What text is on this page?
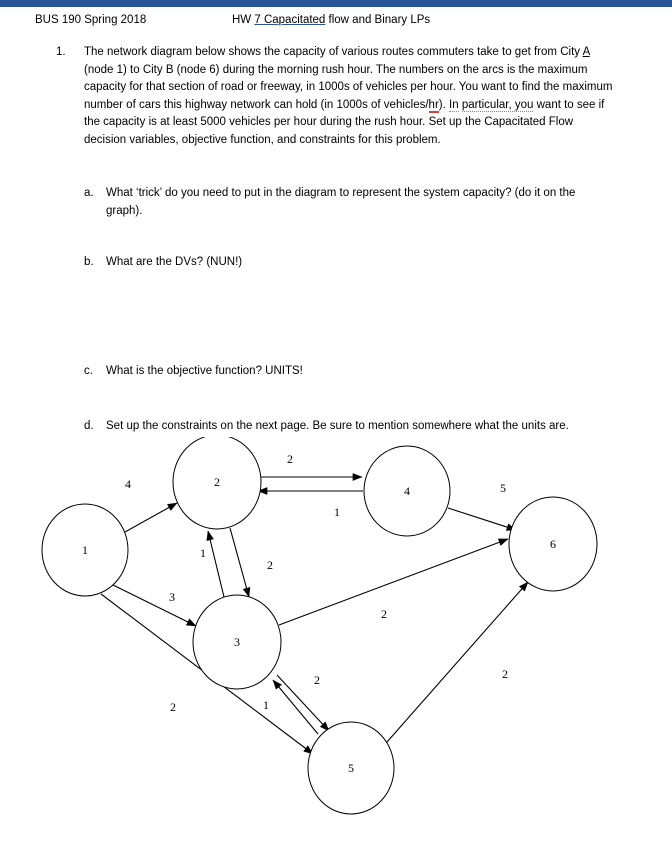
BUS 190 Spring 2018	HW 7 Capacitated flow and Binary LPs
1.	The network diagram below shows the capacity of various routes commuters take to get from City A (node 1) to City B (node 6) during the morning rush hour. The numbers on the arcs is the maximum capacity for that section of road or freeway, in 1000s of vehicles per hour. You want to find the maximum number of cars this highway network can hold (in 1000s of vehicles/hr). In particular, you want to see if the capacity is at least 5000 vehicles per hour during the rush hour. Set up the Capacitated Flow decision variables, objective function, and constraints for this problem.
a.	What ‘trick’ do you need to put in the diagram to represent the system capacity? (do it on the graph).
b.	What are the DVs? (NUN!)
c.	What is the objective function? UNITS!
d.	Set up the constraints on the next page. Be sure to mention somewhere what the units are.
1
2
3
4
5
6
4
2
1
1
2
3
2	1
2
2
5
2
